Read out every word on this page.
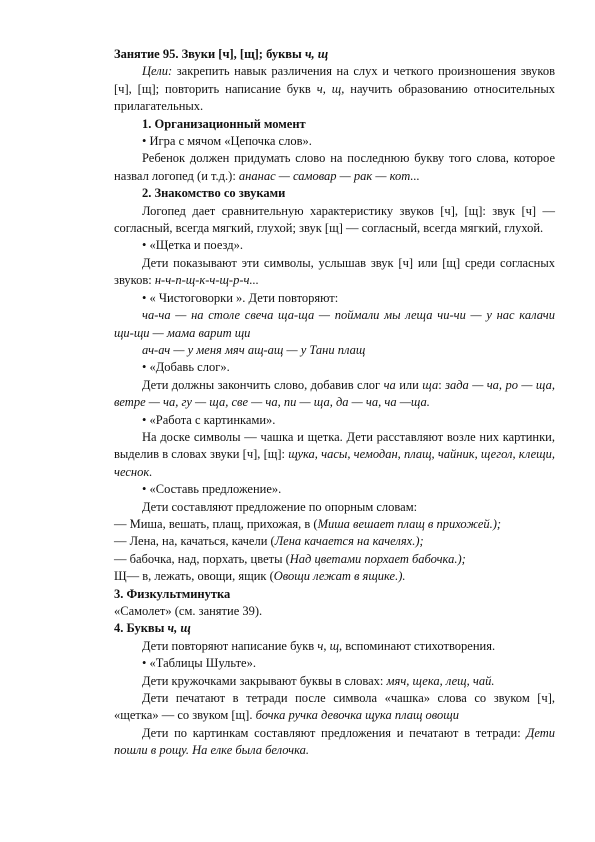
Занятие 95. Звуки [ч], [щ]; буквы ч, щ

Цели: закрепить навык различения на слух и четкого произношения звуков [ч], [щ]; повторить написание букв ч, щ, научить образованию относительных прилагательных.

1. Организационный момент

• Игра с мячом «Цепочка слов».

Ребенок должен придумать слово на последнюю букву того слова, которое назвал логопед (и т.д.): ананас — самовар — рак — кот...

2. Знакомство со звуками

Логопед дает сравнительную характеристику звуков [ч], [щ]: звук [ч] — согласный, всегда мягкий, глухой; звук [щ] — согласный, всегда мягкий, глухой.

• «Щетка и поезд».

Дети показывают эти символы, услышав звук [ч] или [щ] среди согласных звуков: н-ч-п-щ-к-ч-щ-р-ч...

• « Чистоговорки ». Дети повторяют:

ча-ча — на столе свеча ща-ща — поймали мы леща чи-чи — у нас калачи щи-щи — мама варит щи

ач-ач — у меня мяч ащ-ащ — у Тани плащ

• «Добавь слог».

Дети должны закончить слово, добавив слог ча или ща: зада — ча, ро — ща, ветре — ча, гу — ща, све — ча, пи — ща, да — ча, ча —ща.

• «Работа с картинками».

На доске символы — чашка и щетка. Дети расставляют возле них картинки, выделив в словах звуки [ч], [щ]: щука, часы, чемодан, плащ, чайник, щегол, клещи, чеснок.

• «Составь предложение».

Дети составляют предложение по опорным словам:

— Миша, вешать, плащ, прихожая, в (Миша вешает плащ в прихожей.);

— Лена, на, качаться, качели (Лена качается на качелях.);

— бабочка, над, порхать, цветы (Над цветами порхает бабочка.);

Щ— в, лежать, овощи, ящик (Овощи лежат в ящике.).

3. Физкультминутка

«Самолет» (см. занятие 39).

4. Буквы ч, щ

Дети повторяют написание букв ч, щ, вспоминают стихотворения.

• «Таблицы Шульте».

Дети кружочками закрывают буквы в словах: мяч, щека, лещ, чай.

Дети печатают в тетради после символа «чашка» слова со звуком [ч], «щетка» — со звуком [щ]. бочка ручка девочка щука плащ овощи

Дети по картинкам составляют предложения и печатают в тетради: Дети пошли в рощу. На елке была белочка.
